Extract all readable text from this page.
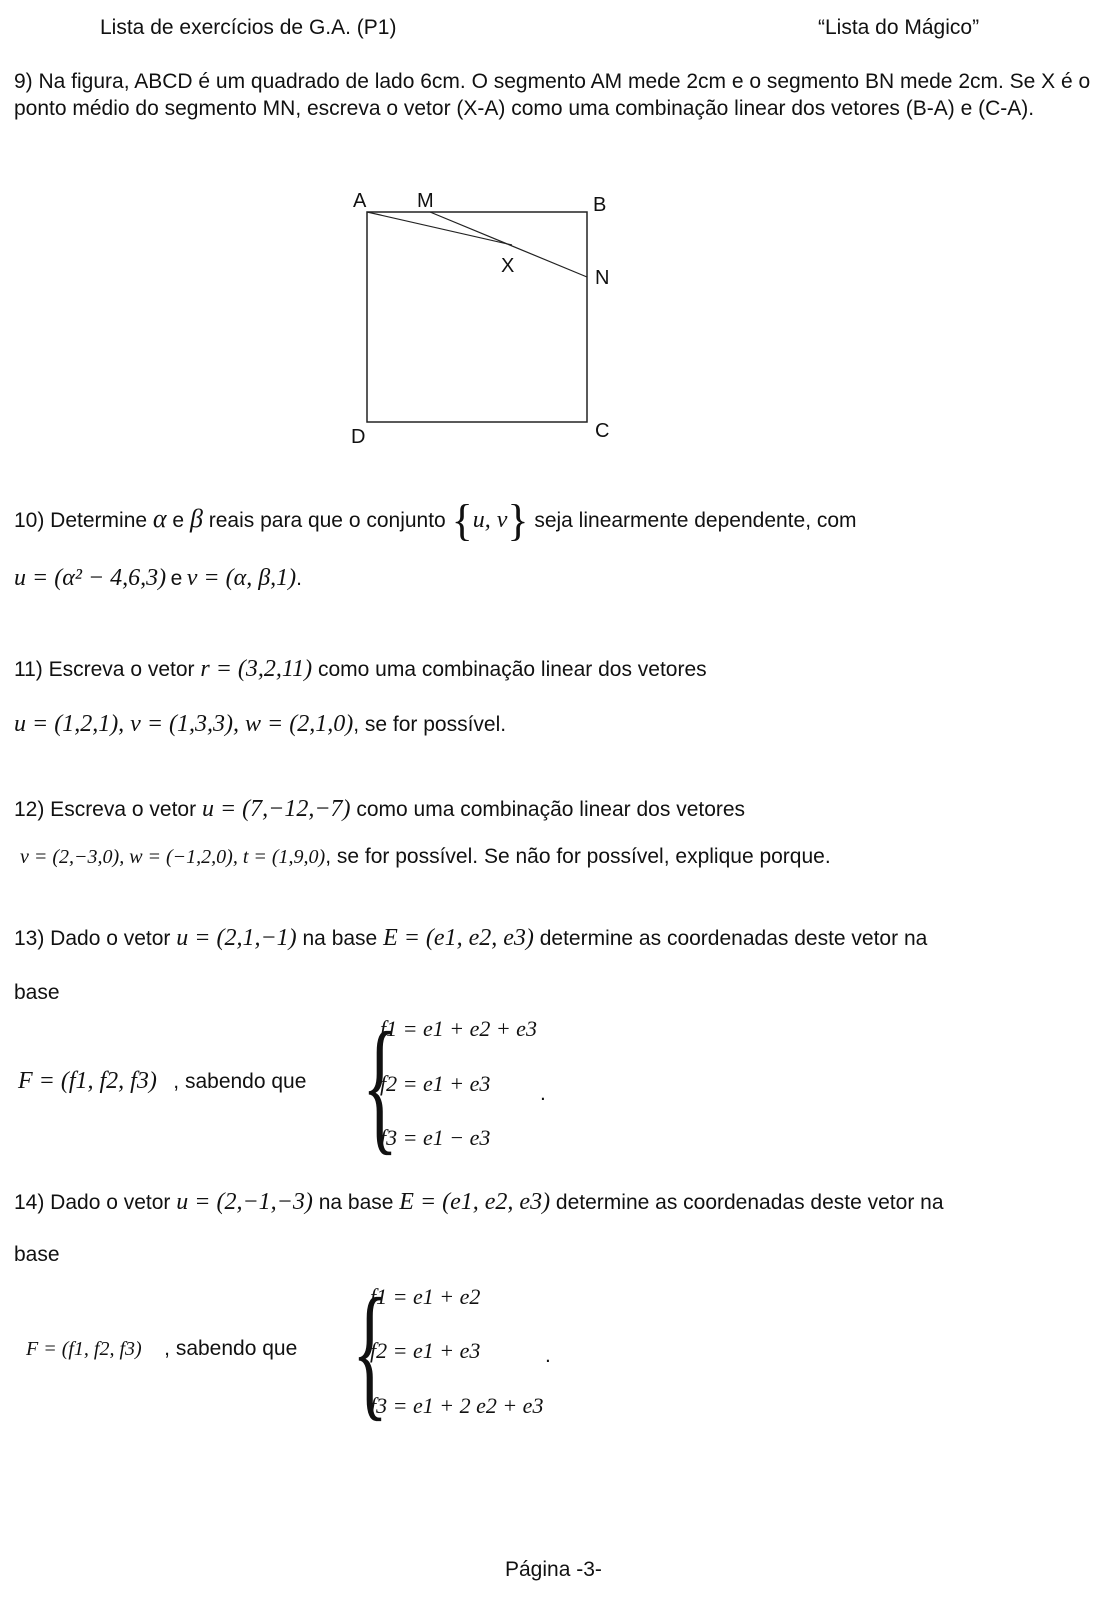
Lista de exercícios de G.A. (P1)	“Lista do Mágico”
9) Na figura, ABCD é um quadrado de lado 6cm. O segmento AM mede 2cm e o segmento BN mede 2cm. Se X é o ponto médio do segmento MN, escreva o vetor (X-A) como uma combinação linear dos vetores (B-A) e (C-A).
A	M	B
X
N
D	C
10) Determine α e β reais para que o conjunto {u, v} seja linearmente dependente, com
u = (α² − 4,6,3) e v = (α, β,1).
11) Escreva o vetor r = (3,2,11) como uma combinação linear dos vetores
u = (1,2,1), v = (1,3,3), w = (2,1,0), se for possível.
12) Escreva o vetor u = (7,−12,−7) como uma combinação linear dos vetores
v = (2,−3,0), w = (−1,2,0), t = (1,9,0), se for possível. Se não for possível, explique porque.
13) Dado o vetor u = (2,1,−1) na base E = (e1, e2, e3) determine as coordenadas deste vetor na
base
F = (f1, f2, f3) , sabendo que {
f1 = e1 + e2 + e3
f2 = e1 + e3
f3 = e1 − e3
.
14) Dado o vetor u = (2,−1,−3) na base E = (e1, e2, e3) determine as coordenadas deste vetor na
base
F = (f1, f2, f3) , sabendo que {
f1 = e1 + e2
f2 = e1 + e3
f3 = e1 + 2 e2 + e3
.
Página -3-
